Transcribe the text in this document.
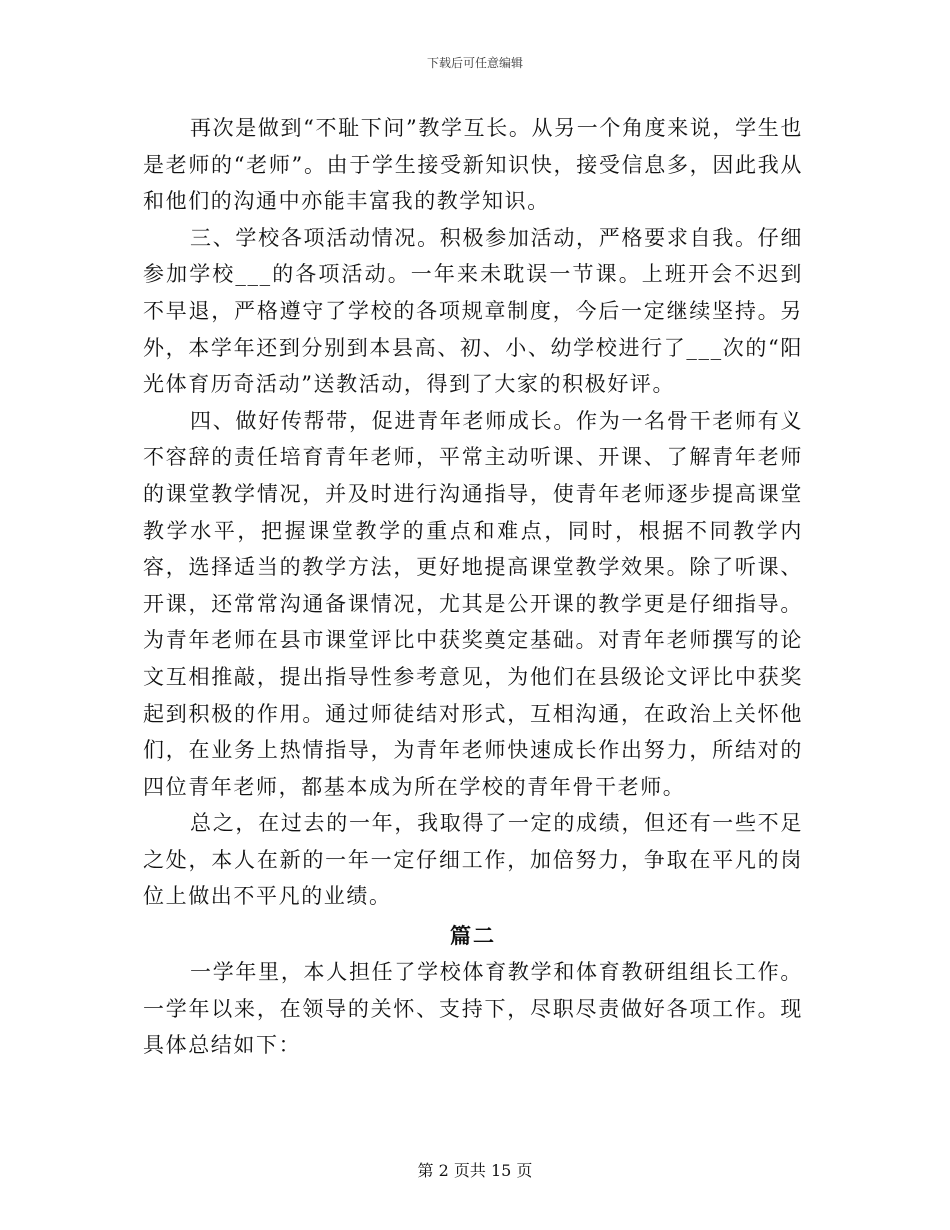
下载后可任意编辑

再次是做到“不耻下问”教学互长。从另一个角度来说，学生也是老师的“老师”。由于学生接受新知识快，接受信息多，因此我从和他们的沟通中亦能丰富我的教学知识。

三、学校各项活动情况。积极参加活动，严格要求自我。仔细参加学校___的各项活动。一年来未耽误一节课。上班开会不迟到不早退，严格遵守了学校的各项规章制度，今后一定继续坚持。另外，本学年还到分别到本县高、初、小、幼学校进行了___次的“阳光体育历奇活动”送教活动，得到了大家的积极好评。

四、做好传帮带，促进青年老师成长。作为一名骨干老师有义不容辞的责任培育青年老师，平常主动听课、开课、了解青年老师的课堂教学情况，并及时进行沟通指导，使青年老师逐步提高课堂教学水平，把握课堂教学的重点和难点，同时，根据不同教学内容，选择适当的教学方法，更好地提高课堂教学效果。除了听课、开课，还常常沟通备课情况，尤其是公开课的教学更是仔细指导。为青年老师在县市课堂评比中获奖奠定基础。对青年老师撰写的论文互相推敲，提出指导性参考意见，为他们在县级论文评比中获奖起到积极的作用。通过师徒结对形式，互相沟通，在政治上关怀他们，在业务上热情指导，为青年老师快速成长作出努力，所结对的四位青年老师，都基本成为所在学校的青年骨干老师。

总之，在过去的一年，我取得了一定的成绩，但还有一些不足之处，本人在新的一年一定仔细工作，加倍努力，争取在平凡的岗位上做出不平凡的业绩。

篇二

一学年里，本人担任了学校体育教学和体育教研组组长工作。一学年以来，在领导的关怀、支持下，尽职尽责做好各项工作。现具体总结如下：

第 2 页共 15 页
